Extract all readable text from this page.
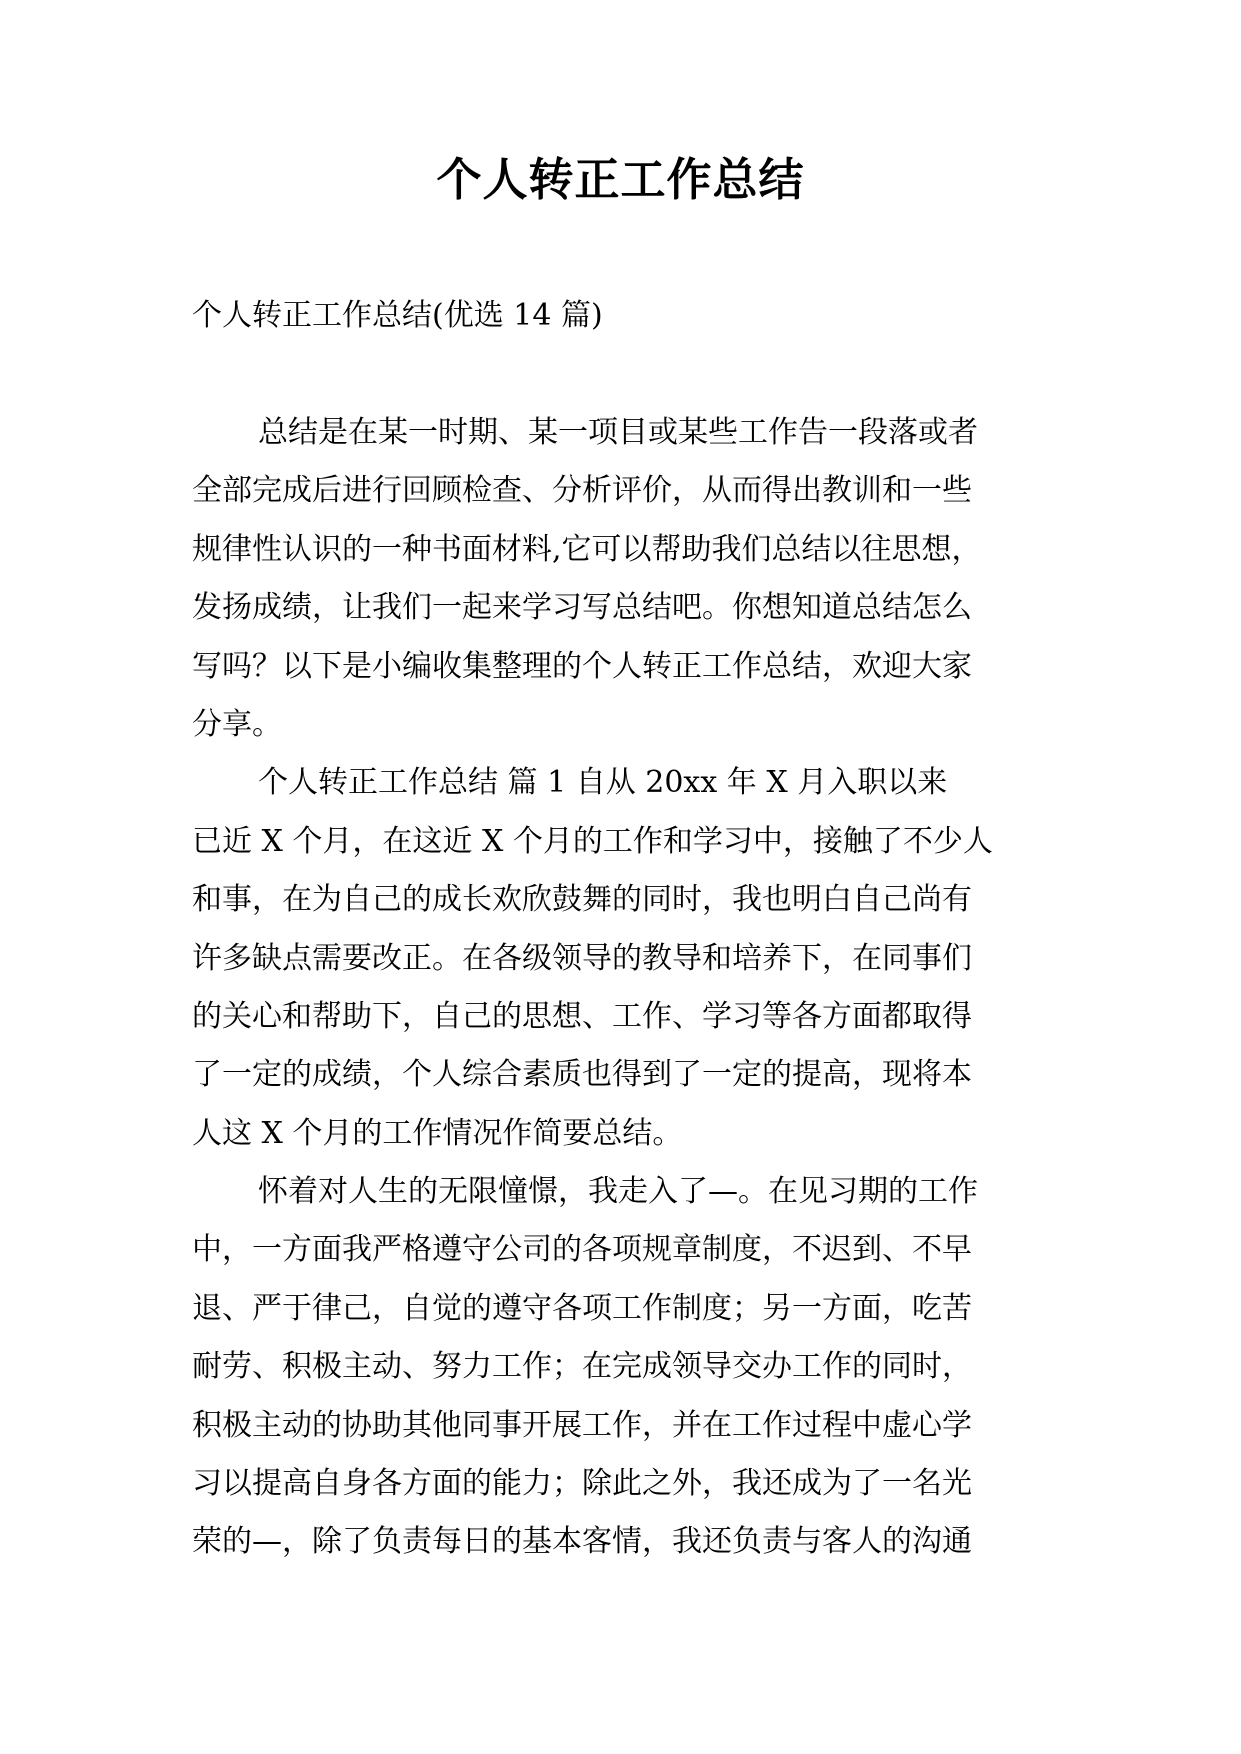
个人转正工作总结
个人转正工作总结(优选 14 篇)
总结是在某一时期、某一项目或某些工作告一段落或者
全部完成后进行回顾检查、分析评价，从而得出教训和一些
规律性认识的一种书面材料,它可以帮助我们总结以往思想，
发扬成绩，让我们一起来学习写总结吧。你想知道总结怎么
写吗？以下是小编收集整理的个人转正工作总结，欢迎大家
分享。
个人转正工作总结 篇 1 自从 20xx 年 X 月入职以来
已近 X 个月，在这近 X 个月的工作和学习中，接触了不少人
和事，在为自己的成长欢欣鼓舞的同时，我也明白自己尚有
许多缺点需要改正。在各级领导的教导和培养下，在同事们
的关心和帮助下，自己的思想、工作、学习等各方面都取得
了一定的成绩，个人综合素质也得到了一定的提高，现将本
人这 X 个月的工作情况作简要总结。
怀着对人生的无限憧憬，我走入了—。在见习期的工作
中，一方面我严格遵守公司的各项规章制度，不迟到、不早
退、严于律己，自觉的遵守各项工作制度；另一方面，吃苦
耐劳、积极主动、努力工作；在完成领导交办工作的同时，
积极主动的协助其他同事开展工作，并在工作过程中虚心学
习以提高自身各方面的能力；除此之外，我还成为了一名光
荣的—，除了负责每日的基本客情，我还负责与客人的沟通
